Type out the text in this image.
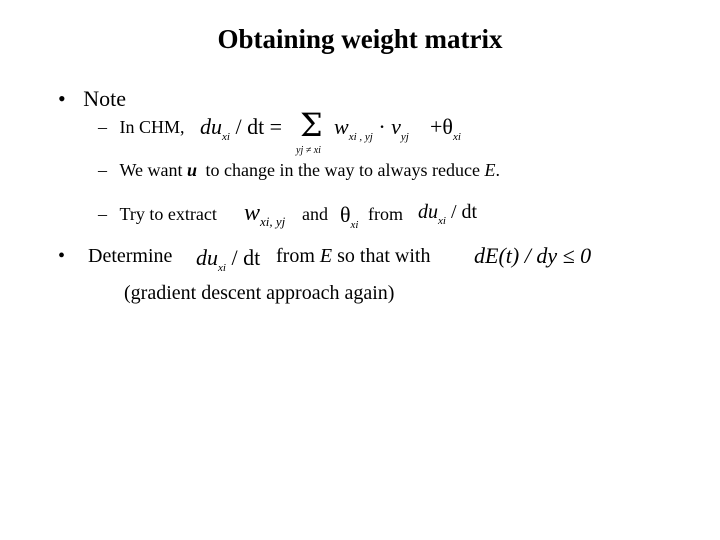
Obtaining weight matrix
• Note
– In CHM, $du_{xi}$ / dt = Σ
yj ≠ xi
$w_{xi , yj} \cdot v_{yj} +\theta_{xi}$
– We want u to change in the way to always reduce E.
– Try to extract $w_{xi, yj}$ and $\theta_{xi}$
from $du_{xi}$ / dt
• Determine $du_{xi}$ / dt from E so that with dE(t) / dy ≤ 0
(gradient descent approach again)
